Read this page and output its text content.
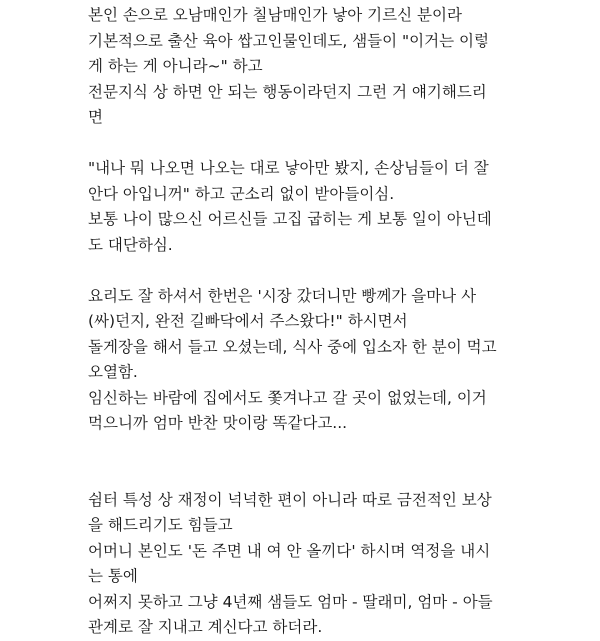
본인 손으로 오남매인가 칠남매인가 낳아 기르신 분이라
기본적으로 출산 육아 쌉고인물인데도, 샘들이 "이거는 이렇
게 하는 게 아니라~" 하고
전문지식 상 하면 안 되는 행동이라던지 그런 거 얘기해드리
면
"내나 뭐 나오면 나오는 대로 낳아만 봤지, 손상님들이 더 잘
안다 아입니꺼" 하고 군소리 없이 받아들이심.
보통 나이 많으신 어르신들 고집 굽히는 게 보통 일이 아닌데
도 대단하심.
요리도 잘 하셔서 한번은 '시장 갔더니만 빵께가 을마나 사
(싸)던지, 완전 길빠닥에서 주스왔다!" 하시면서
돌게장을 해서 들고 오셨는데, 식사 중에 입소자 한 분이 먹고
오열함.
임신하는 바람에 집에서도 쫓겨나고 갈 곳이 없었는데, 이거
먹으니까 엄마 반찬 맛이랑 똑같다고...
쉼터 특성 상 재정이 넉넉한 편이 아니라 따로 금전적인 보상
을 해드리기도 힘들고
어머니 본인도 '돈 주면 내 여 안 올끼다' 하시며 역정을 내시
는 통에
어쩌지 못하고 그냥 4년째 샘들도 엄마 - 딸래미, 엄마 - 아들
관계로 잘 지내고 계신다고 하더라.
